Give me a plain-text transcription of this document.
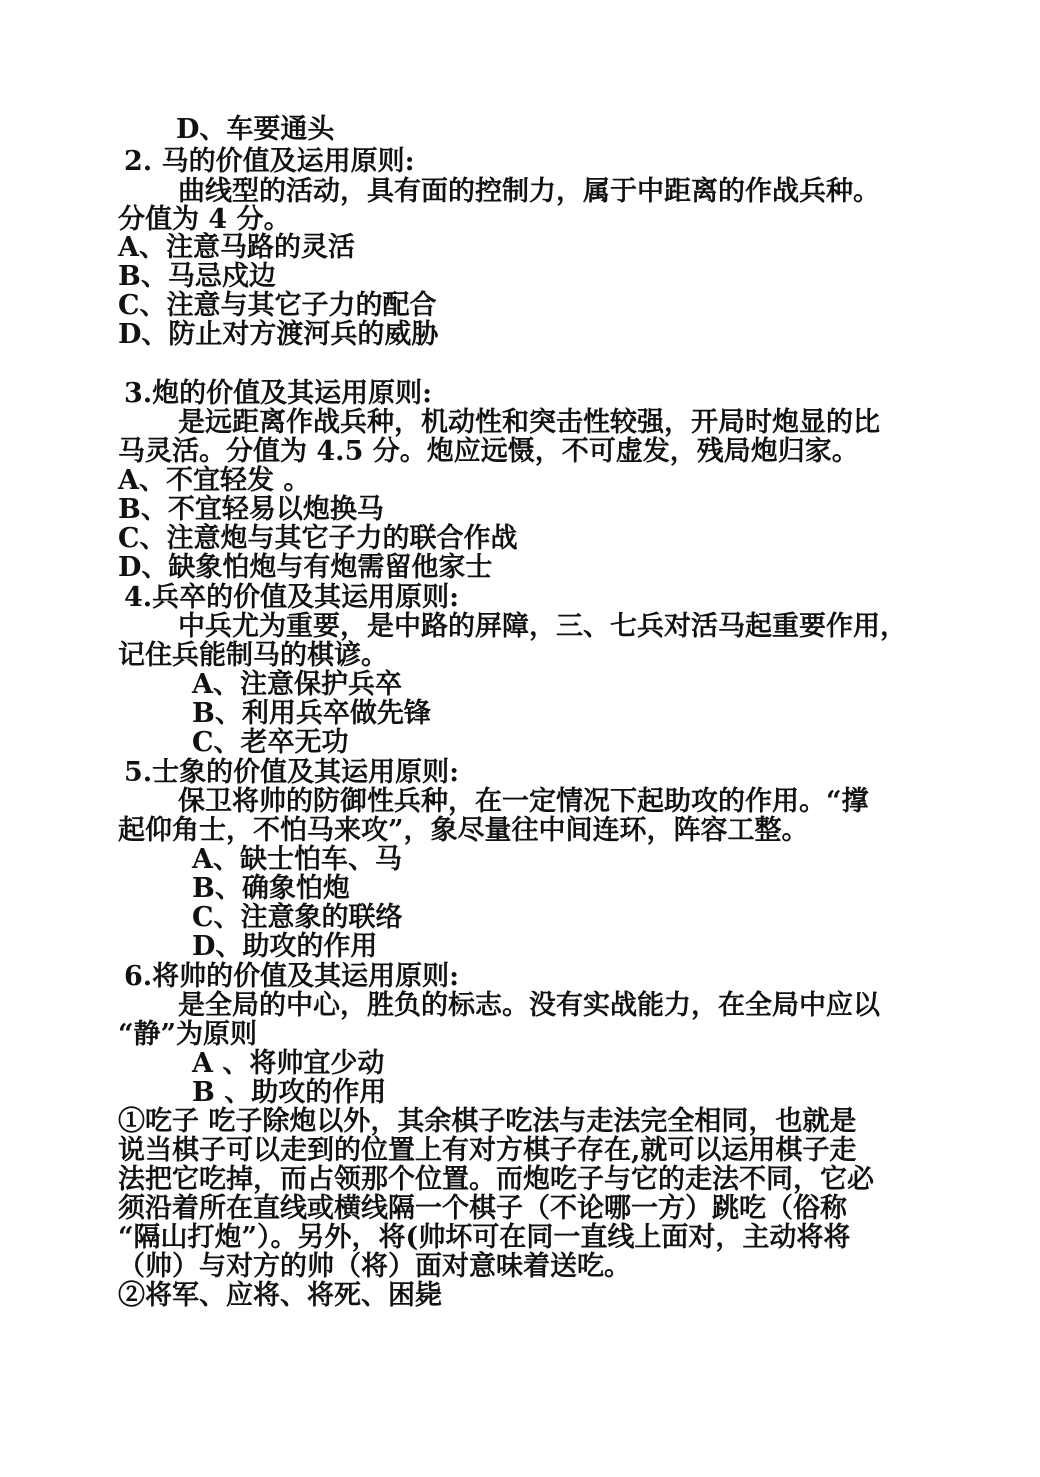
D、车要通头
2. 马的价值及运用原则:
曲线型的活动，具有面的控制力，属于中距离的作战兵种。
分值为 4 分。
A、注意马路的灵活
B、马忌戍边
C、注意与其它子力的配合
D、防止对方渡河兵的威胁
3.炮的价值及其运用原则:
是远距离作战兵种，机动性和突击性较强，开局时炮显的比
马灵活。分值为 4.5 分。炮应远慑，不可虚发，残局炮归家。
A、不宜轻发 。
B、不宜轻易以炮换马
C、注意炮与其它子力的联合作战
D、缺象怕炮与有炮需留他家士
4.兵卒的价值及其运用原则:
中兵尤为重要，是中路的屏障，三、七兵对活马起重要作用，
记住兵能制马的棋谚。
A、注意保护兵卒
B、利用兵卒做先锋
C、老卒无功
5.士象的价值及其运用原则:
保卫将帅的防御性兵种，在一定情况下起助攻的作用。“撑
起仰角士，不怕马来攻”，象尽量往中间连环，阵容工整。
A、缺士怕车、马
B、确象怕炮
C、注意象的联络
D、助攻的作用
6.将帅的价值及其运用原则:
是全局的中心，胜负的标志。没有实战能力，在全局中应以
“静”为原则
A 、将帅宜少动
B 、助攻的作用
①吃子 吃子除炮以外，其余棋子吃法与走法完全相同，也就是
说当棋子可以走到的位置上有对方棋子存在,就可以运用棋子走
法把它吃掉，而占领那个位置。而炮吃子与它的走法不同，它必
须沿着所在直线或横线隔一个棋子（不论哪一方）跳吃（俗称
“隔山打炮”）。另外，将(帅坏可在同一直线上面对，主动将将
（帅）与对方的帅（将）面对意味着送吃。
②将军、应将、将死、困毙
